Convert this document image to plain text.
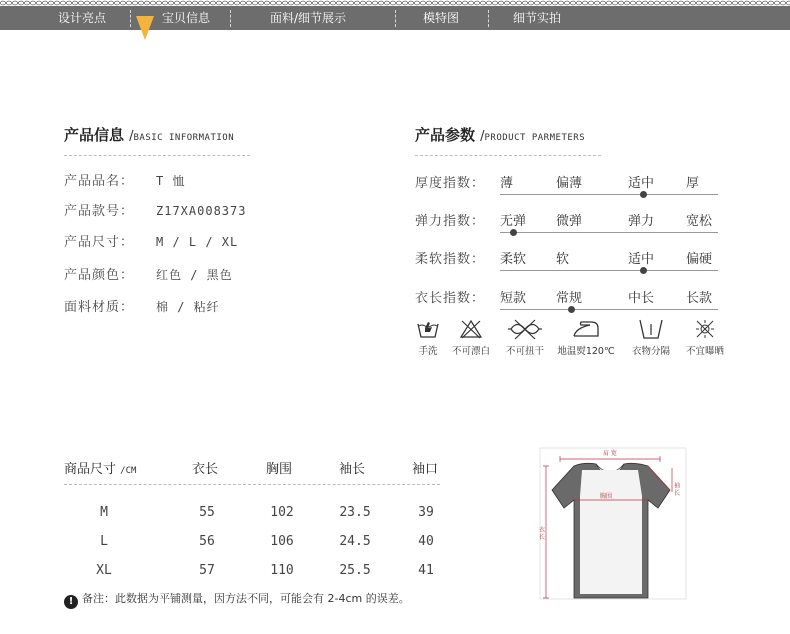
设计亮点	宝贝信息	面料/细节展示	模特图	细节实拍
产品信息 /BASIC INFORMATION
产品品名： T 恤
产品款号： Z17XA008373
产品尺寸： M / L / XL
产品颜色： 红色 / 黑色
面料材质： 棉 / 粘纤
产品参数 /PRODUCT PARMETERS
厚度指数： 薄	偏薄	适中 厚
弹力指数： 无弹 微弹	弹力 宽松
柔软指数： 柔软 软	适中 偏硬
衣长指数： 短款 常规	中长 长款
手洗	不可漂白	不可扭干	地温熨120℃	衣物分隔	不宜曝晒
商品尺寸 /CM	衣长	胸围	袖长	袖口
M	55	102	23.5	39
L	56	106	24.5	40
XL	57	110	25.5	41
! 备注：此数据为平铺测量，因方法不同，可能会有 2-4cm 的误差。
肩 宽
胸围
袖 长
衣 长
